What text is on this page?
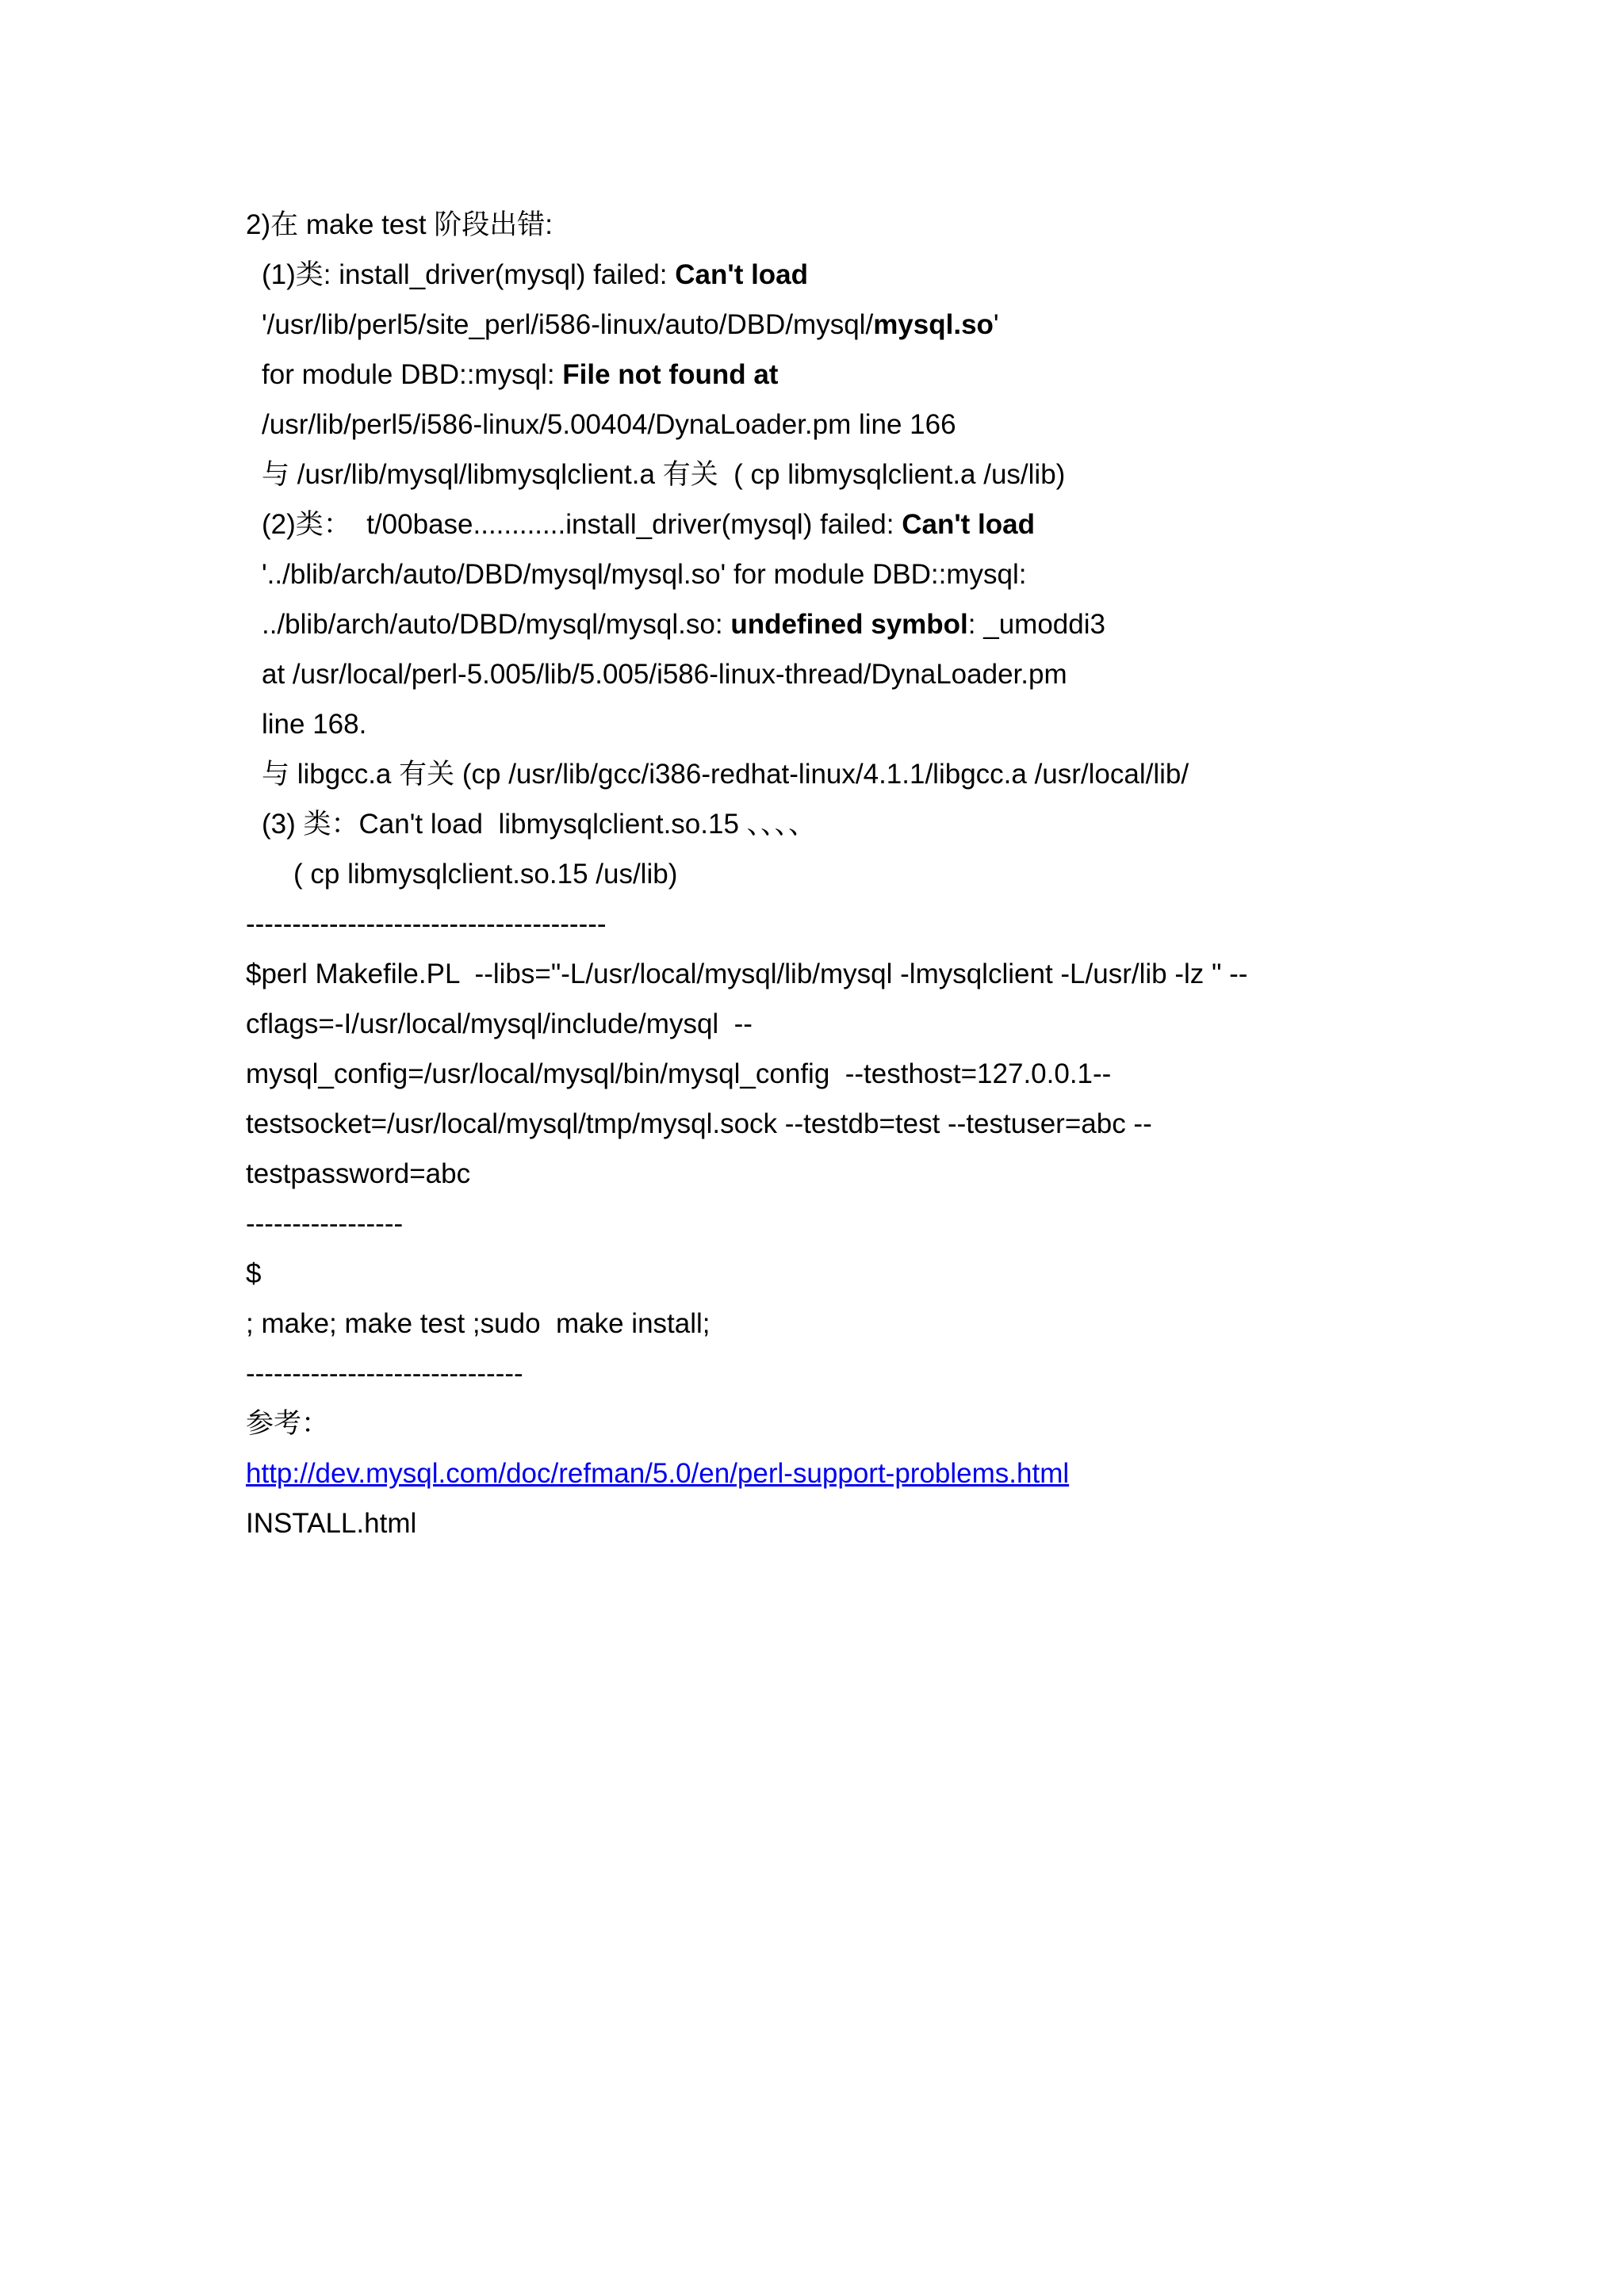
2)在 make test 阶段出错:
(1)类: install_driver(mysql) failed: Can't load
'/usr/lib/perl5/site_perl/i586-linux/auto/DBD/mysql/mysql.so'
for module DBD::mysql: File not found at
/usr/lib/perl5/i586-linux/5.00404/DynaLoader.pm line 166
与 /usr/lib/mysql/libmysqlclient.a 有关  ( cp libmysqlclient.a /us/lib)
(2)类：  t/00base............install_driver(mysql) failed: Can't load
'../blib/arch/auto/DBD/mysql/mysql.so' for module DBD::mysql:
../blib/arch/auto/DBD/mysql/mysql.so: undefined symbol: _umoddi3
at /usr/local/perl-5.005/lib/5.005/i586-linux-thread/DynaLoader.pm
line 168.
与 libgcc.a 有关 (cp /usr/lib/gcc/i386-redhat-linux/4.1.1/libgcc.a /usr/local/lib/
(3) 类：Can't load  libmysqlclient.so.15 、、、、
( cp libmysqlclient.so.15 /us/lib)
---------------------------------------
$perl Makefile.PL  --libs="-L/usr/local/mysql/lib/mysql -lmysqlclient -L/usr/lib -lz " --
cflags=-I/usr/local/mysql/include/mysql  --
mysql_config=/usr/local/mysql/bin/mysql_config  --testhost=127.0.0.1--
testsocket=/usr/local/mysql/tmp/mysql.sock --testdb=test --testuser=abc --
testpassword=abc
-----------------
$
; make; make test ;sudo  make install;
------------------------------
参考：
http://dev.mysql.com/doc/refman/5.0/en/perl-support-problems.html
INSTALL.html
